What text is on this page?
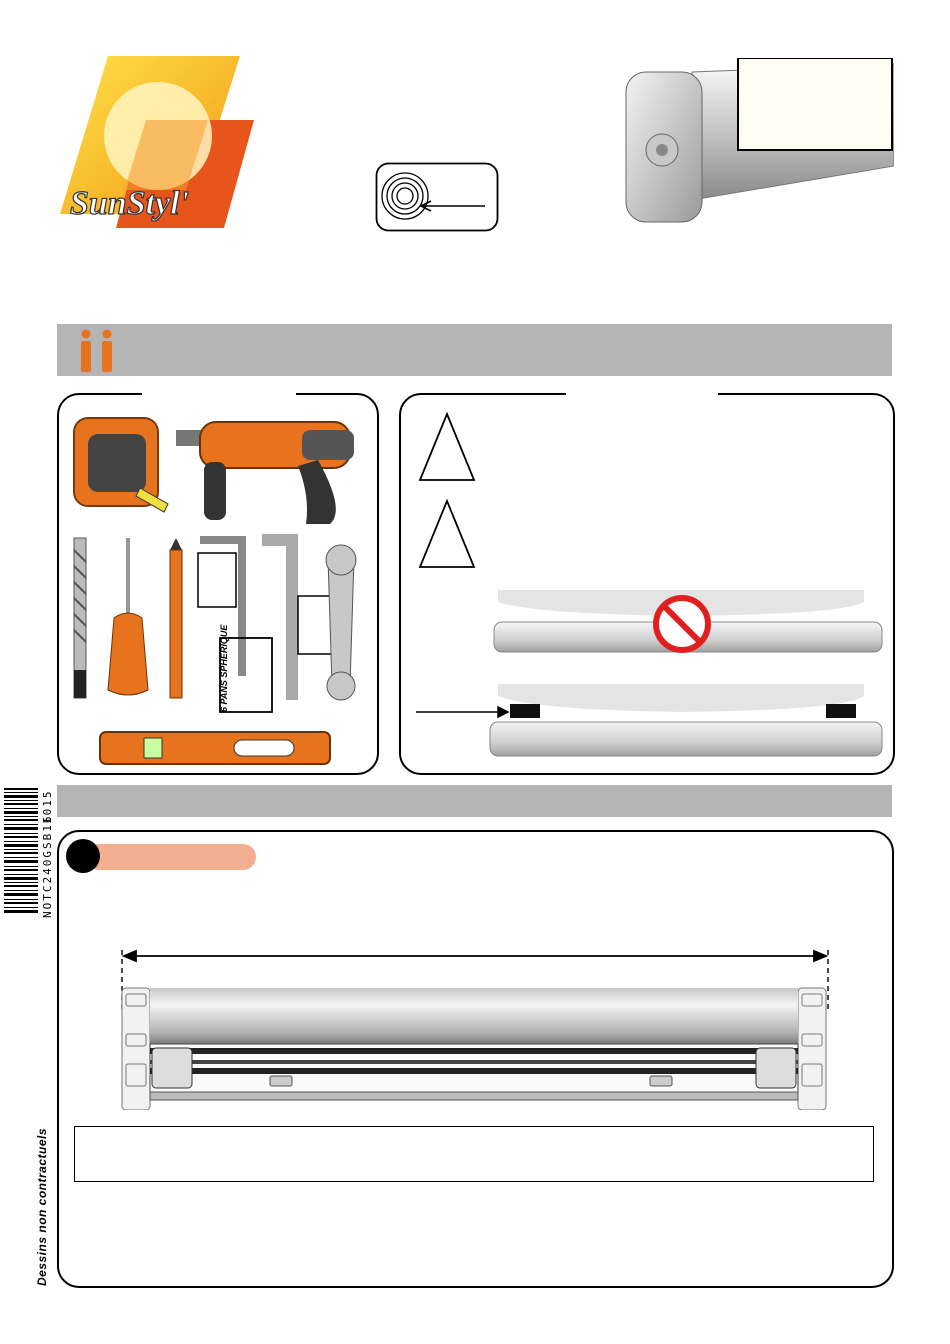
SunStyl'
6 PANS SPHERIQUE
1015
NOTC240GSB16
Dessins non contractuels
